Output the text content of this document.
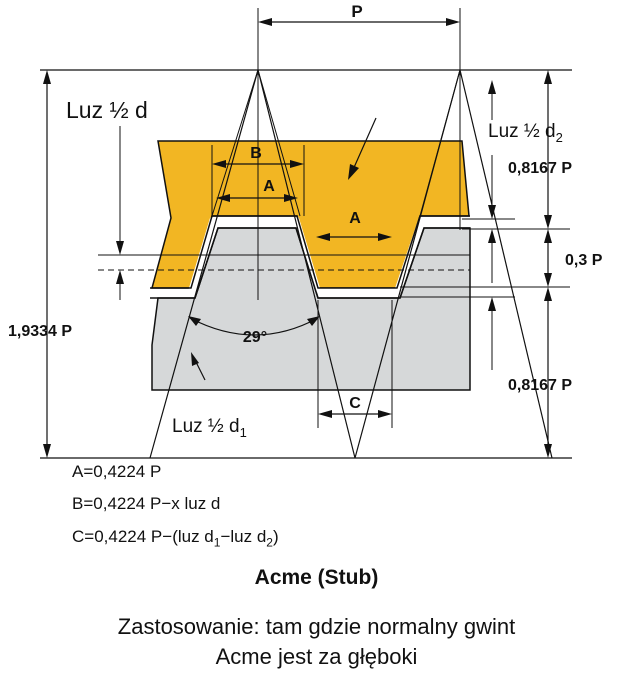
P
1,9334 P
0,8167 P
0,3 P
0,8167 P
B
A
A
C
29°
Luz ½ d
Luz ½ $d_2$
Luz ½ $d_1$
A=0,4224 P
B=0,4224 P−x luz d
C=0,4224 P−(luz $d_1-luz$ $d_2$)
Acme (Stub)
Zastosowanie: tam gdzie normalny gwint
Acme jest za głęboki
